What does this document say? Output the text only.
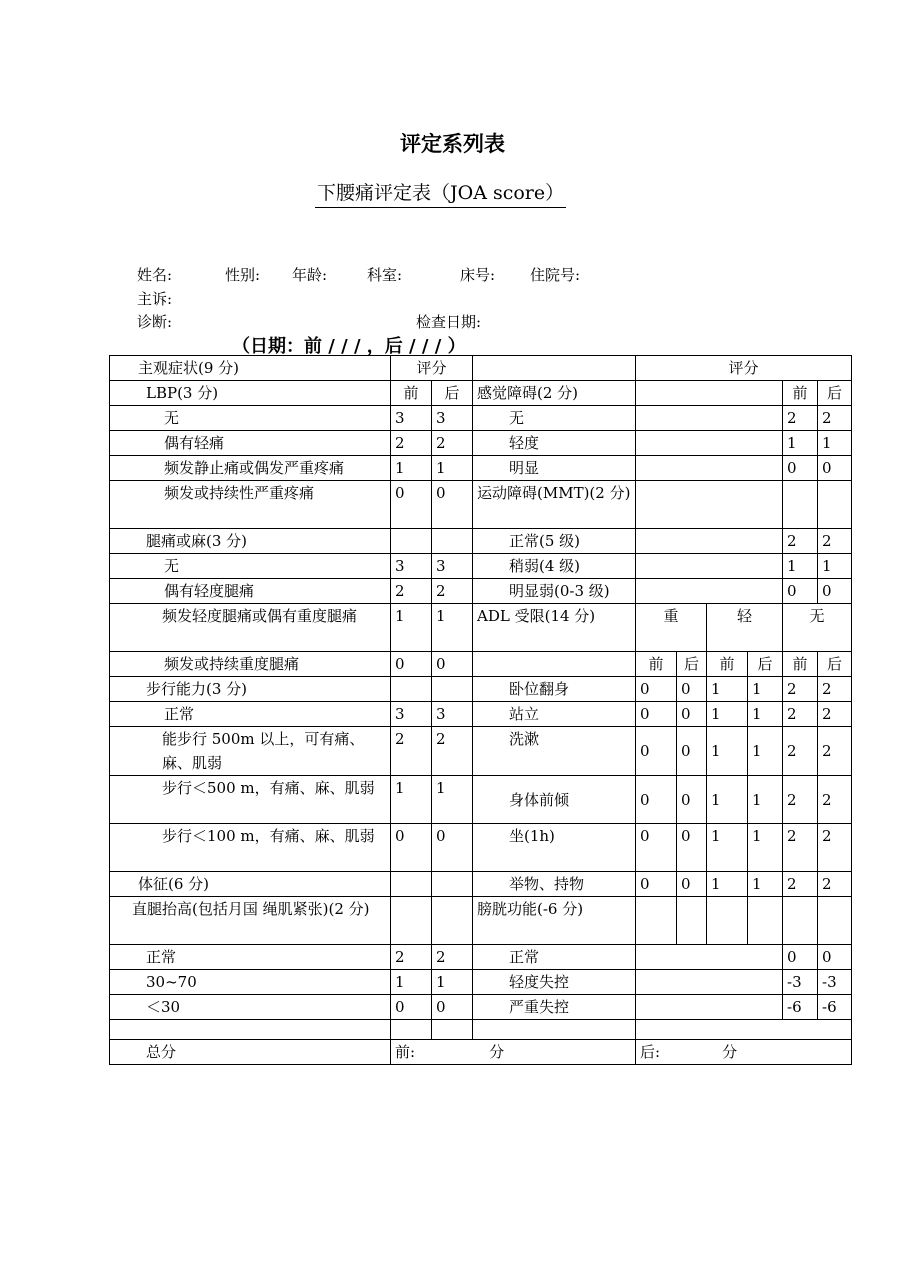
评定系列表
下腰痛评定表（JOA score）
姓名:	性别: 年龄:	科室:	床号: 住院号:
主诉:
诊断:	检查日期:
（日期：前 / / / ，后 / / / ）
主观症状(9 分)	评分			评分					
LBP(3 分)	前	后	感觉障碍(2 分)					前	后
无	3	3	无					2	2
偶有轻痛	2	2	轻度					1	1
频发静止痛或偶发严重疼痛	1	1	明显					0	0
频发或持续性严重疼痛	0	0	运动障碍(MMT)(2 分)						
腿痛或麻(3 分)			正常(5 级)					2	2
无	3	3	稍弱(4 级)					1	1
偶有轻度腿痛	2	2	明显弱(0-3 级)					0	0
频发轻度腿痛或偶有重度腿痛	1	1	ADL 受限(14 分)	重		轻		无	
频发或持续重度腿痛	0	0		前	后	前	后	前	后
步行能力(3 分)			卧位翻身	0	0	1	1	2	2
正常	3	3	站立	0	0	1	1	2	2
能步行 500m 以上，可有痛、麻、肌弱	2	2	洗漱	0	0	1	1	2	2
步行＜500 m，有痛、麻、肌弱	1	1	身体前倾	0	0	1	1	2	2
步行＜100 m，有痛、麻、肌弱	0	0	坐(1h)	0	0	1	1	2	2
体征(6 分)			举物、持物	0	0	1	1	2	2
直腿抬高(包括月国 绳肌紧张)(2 分)			膀胱功能(-6 分)						
正常	2	2	正常					0	0
30~70	1	1	轻度失控					-3	-3
＜30	0	0	严重失控					-6	-6

总分	前: 分			后: 分					
